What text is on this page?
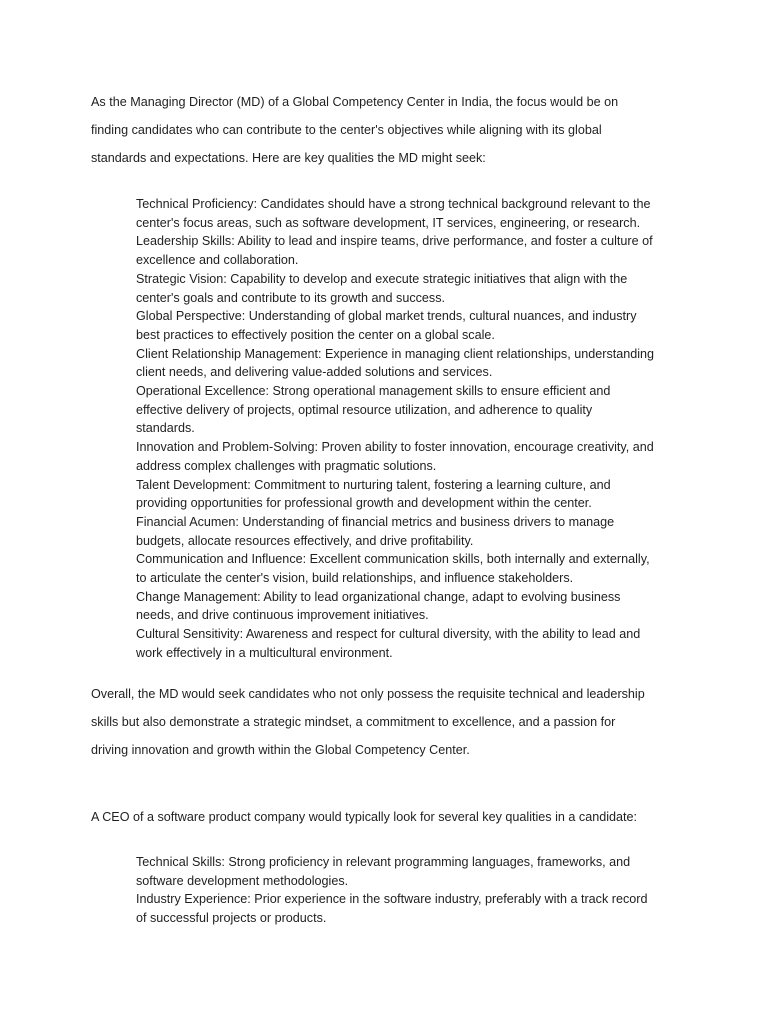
As the Managing Director (MD) of a Global Competency Center in India, the focus would be on
finding candidates who can contribute to the center's objectives while aligning with its global
standards and expectations. Here are key qualities the MD might seek:

Technical Proficiency: Candidates should have a strong technical background relevant to the
center's focus areas, such as software development, IT services, engineering, or research.
Leadership Skills: Ability to lead and inspire teams, drive performance, and foster a culture of
excellence and collaboration.
Strategic Vision: Capability to develop and execute strategic initiatives that align with the
center's goals and contribute to its growth and success.
Global Perspective: Understanding of global market trends, cultural nuances, and industry
best practices to effectively position the center on a global scale.
Client Relationship Management: Experience in managing client relationships, understanding
client needs, and delivering value-added solutions and services.
Operational Excellence: Strong operational management skills to ensure efficient and
effective delivery of projects, optimal resource utilization, and adherence to quality
standards.
Innovation and Problem-Solving: Proven ability to foster innovation, encourage creativity, and
address complex challenges with pragmatic solutions.
Talent Development: Commitment to nurturing talent, fostering a learning culture, and
providing opportunities for professional growth and development within the center.
Financial Acumen: Understanding of financial metrics and business drivers to manage
budgets, allocate resources effectively, and drive profitability.
Communication and Influence: Excellent communication skills, both internally and externally,
to articulate the center's vision, build relationships, and influence stakeholders.
Change Management: Ability to lead organizational change, adapt to evolving business
needs, and drive continuous improvement initiatives.
Cultural Sensitivity: Awareness and respect for cultural diversity, with the ability to lead and
work effectively in a multicultural environment.

Overall, the MD would seek candidates who not only possess the requisite technical and leadership
skills but also demonstrate a strategic mindset, a commitment to excellence, and a passion for
driving innovation and growth within the Global Competency Center.

A CEO of a software product company would typically look for several key qualities in a candidate:

Technical Skills: Strong proficiency in relevant programming languages, frameworks, and
software development methodologies.
Industry Experience: Prior experience in the software industry, preferably with a track record
of successful projects or products.
